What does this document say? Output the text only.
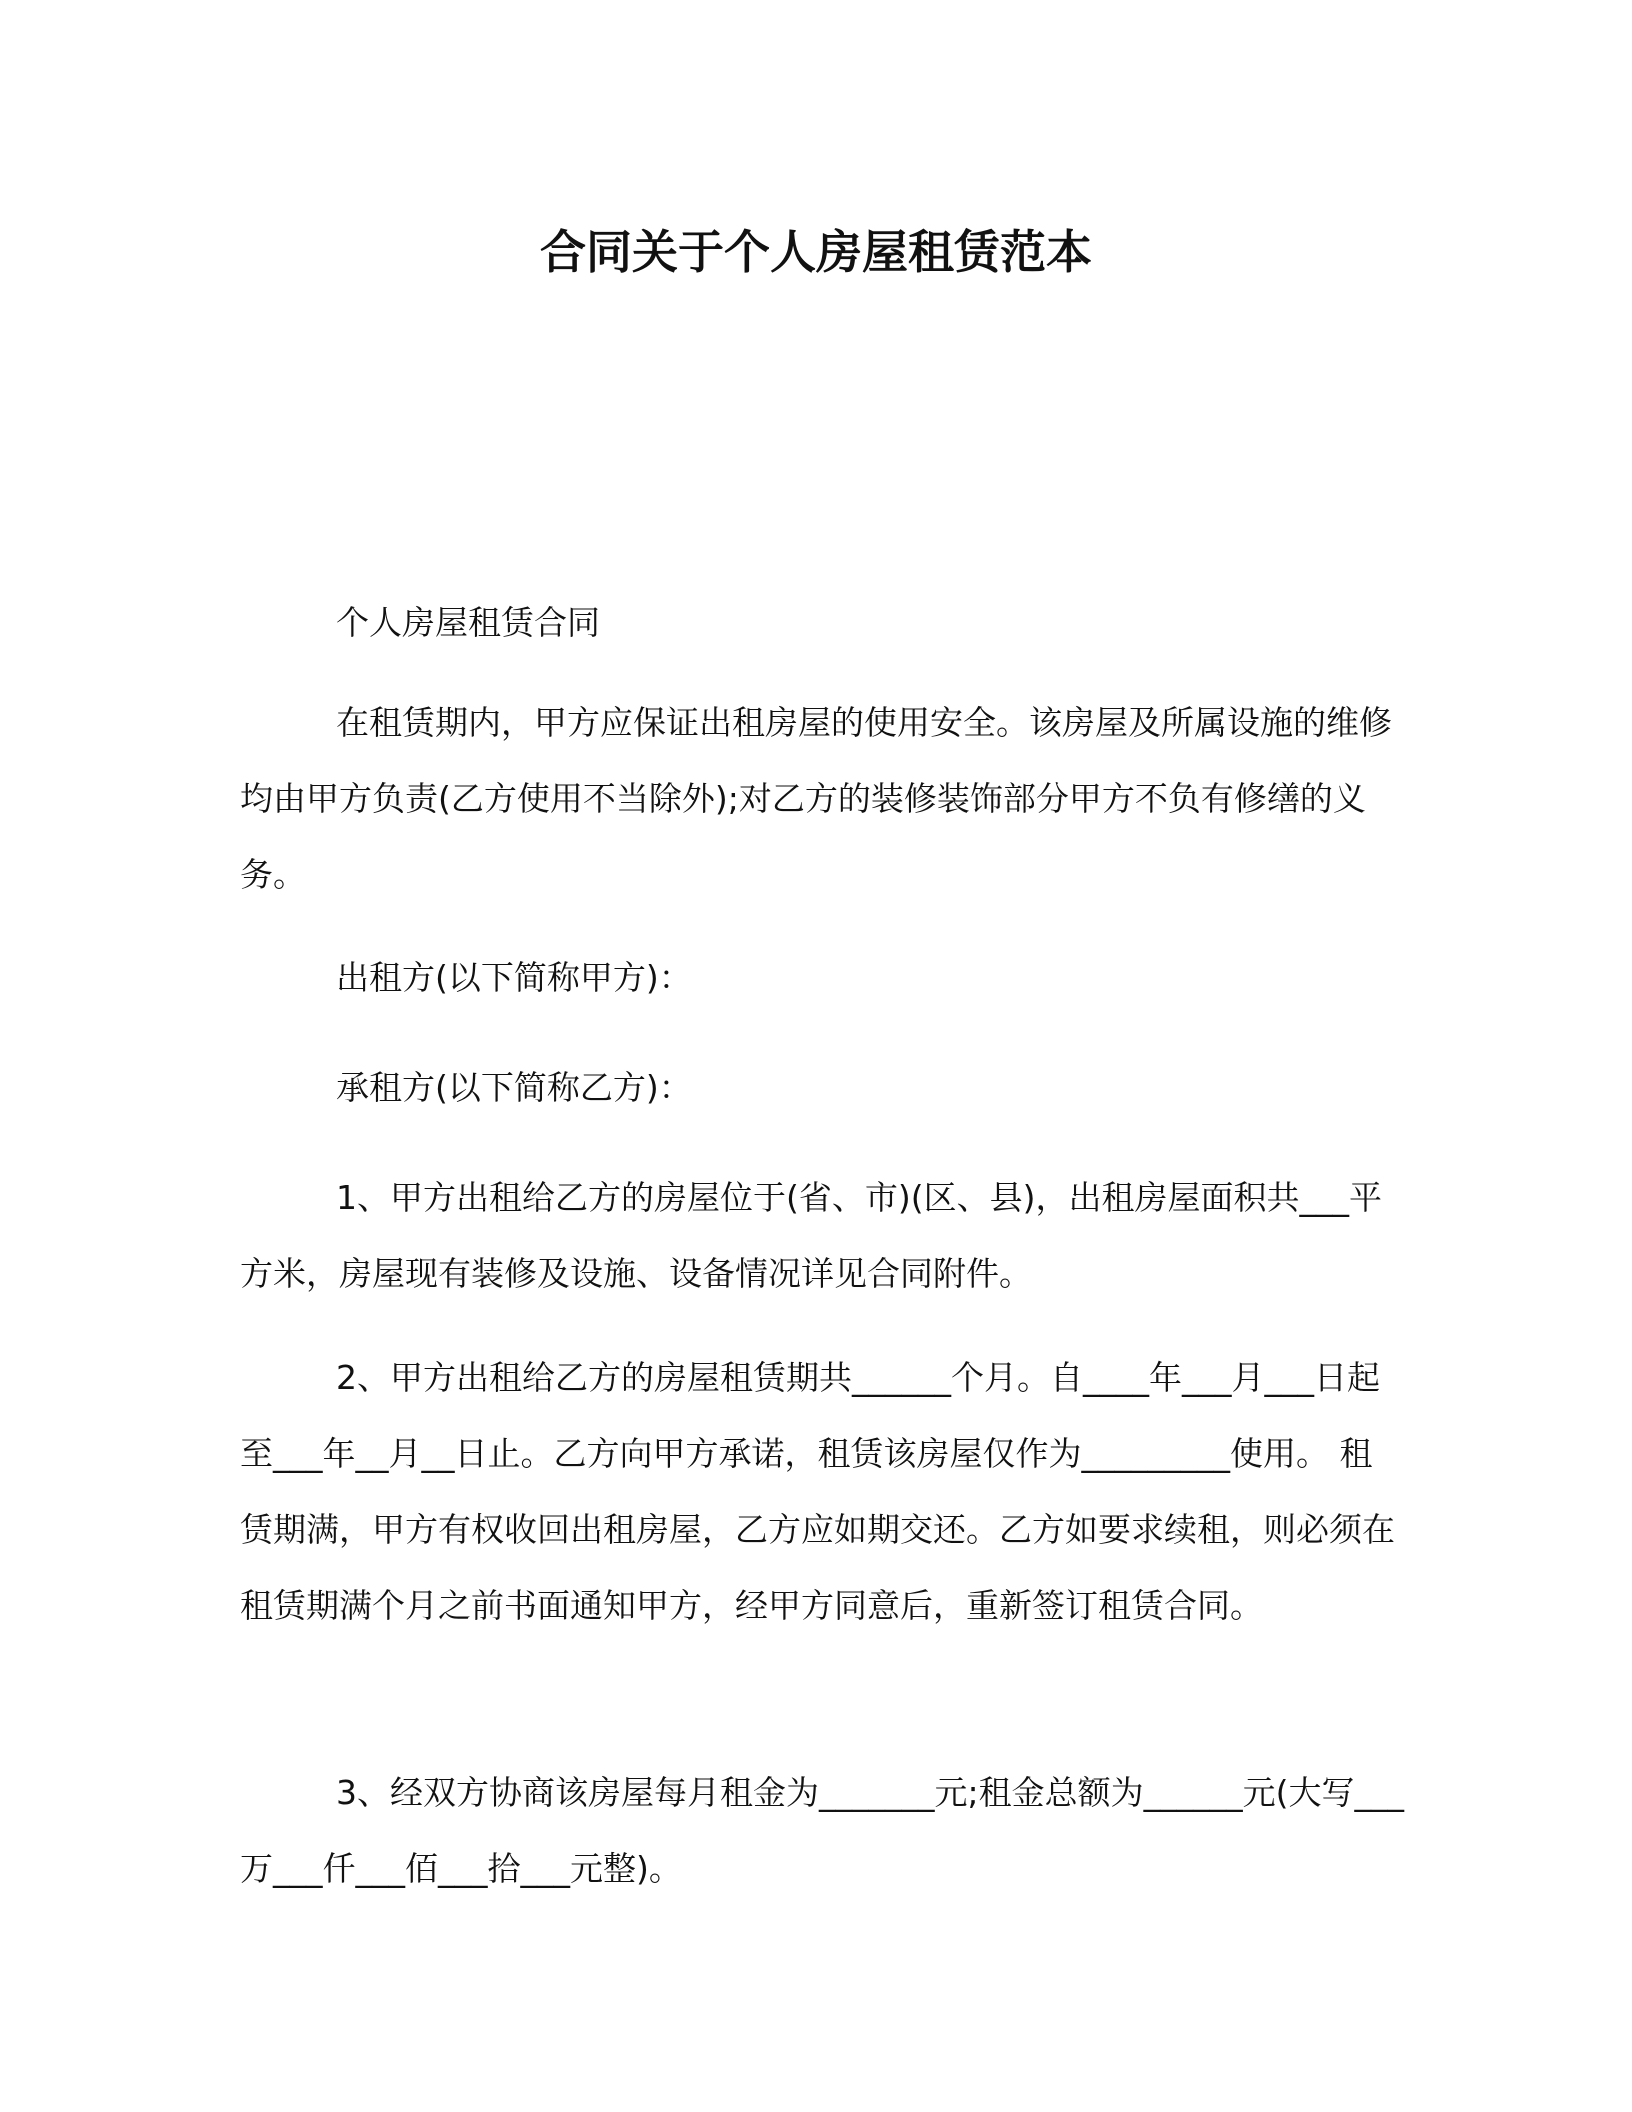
合同关于个人房屋租赁范本

个人房屋租赁合同

在租赁期内，甲方应保证出租房屋的使用安全。该房屋及所属设施的维修均由甲方负责(乙方使用不当除外);对乙方的装修装饰部分甲方不负有修缮的义务。

出租方(以下简称甲方)：

承租方(以下简称乙方)：

1、甲方出租给乙方的房屋位于(省、市)(区、县)，出租房屋面积共___平方米，房屋现有装修及设施、设备情况详见合同附件。

2、甲方出租给乙方的房屋租赁期共______个月。自____年___月___日起至___年__月__日止。乙方向甲方承诺，租赁该房屋仅作为_________使用。 租赁期满，甲方有权收回出租房屋，乙方应如期交还。乙方如要求续租，则必须在租赁期满个月之前书面通知甲方，经甲方同意后，重新签订租赁合同。

3、经双方协商该房屋每月租金为_______元;租金总额为______元(大写___万___仟___佰___拾___元整)。
